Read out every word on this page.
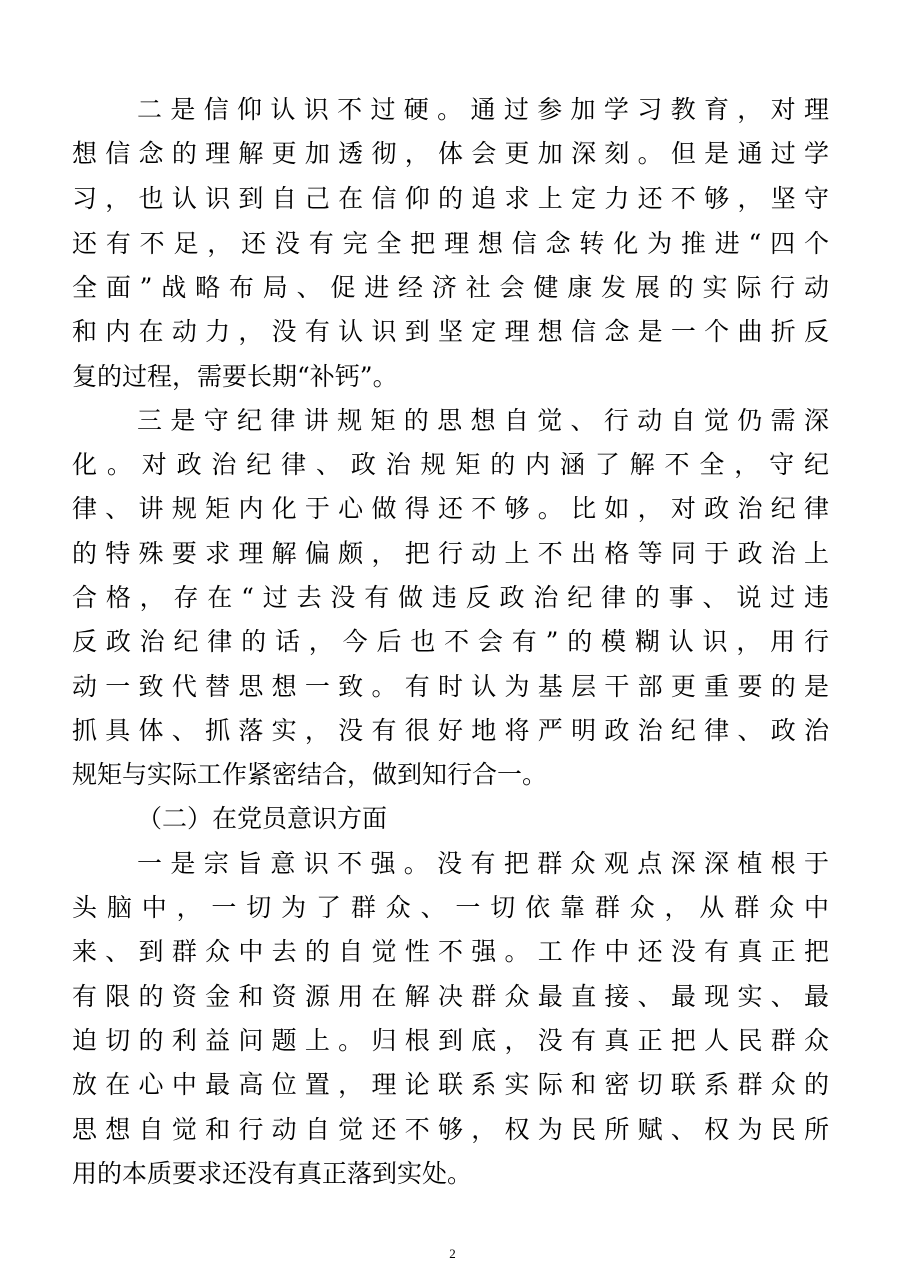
二是信仰认识不过硬。通过参加学习教育，对理
想信念的理解更加透彻，体会更加深刻。但是通过学
习，也认识到自己在信仰的追求上定力还不够，坚守
还有不足，还没有完全把理想信念转化为推进“四个
全面”战略布局、促进经济社会健康发展的实际行动
和内在动力，没有认识到坚定理想信念是一个曲折反
复的过程，需要长期“补钙”。
三是守纪律讲规矩的思想自觉、行动自觉仍需深
化。对政治纪律、政治规矩的内涵了解不全，守纪
律、讲规矩内化于心做得还不够。比如，对政治纪律
的特殊要求理解偏颇，把行动上不出格等同于政治上
合格，存在“过去没有做违反政治纪律的事、说过违
反政治纪律的话，今后也不会有”的模糊认识，用行
动一致代替思想一致。有时认为基层干部更重要的是
抓具体、抓落实，没有很好地将严明政治纪律、政治
规矩与实际工作紧密结合，做到知行合一。
（二）在党员意识方面
一是宗旨意识不强。没有把群众观点深深植根于
头脑中，一切为了群众、一切依靠群众，从群众中
来、到群众中去的自觉性不强。工作中还没有真正把
有限的资金和资源用在解决群众最直接、最现实、最
迫切的利益问题上。归根到底，没有真正把人民群众
放在心中最高位置，理论联系实际和密切联系群众的
思想自觉和行动自觉还不够，权为民所赋、权为民所
用的本质要求还没有真正落到实处。
2
